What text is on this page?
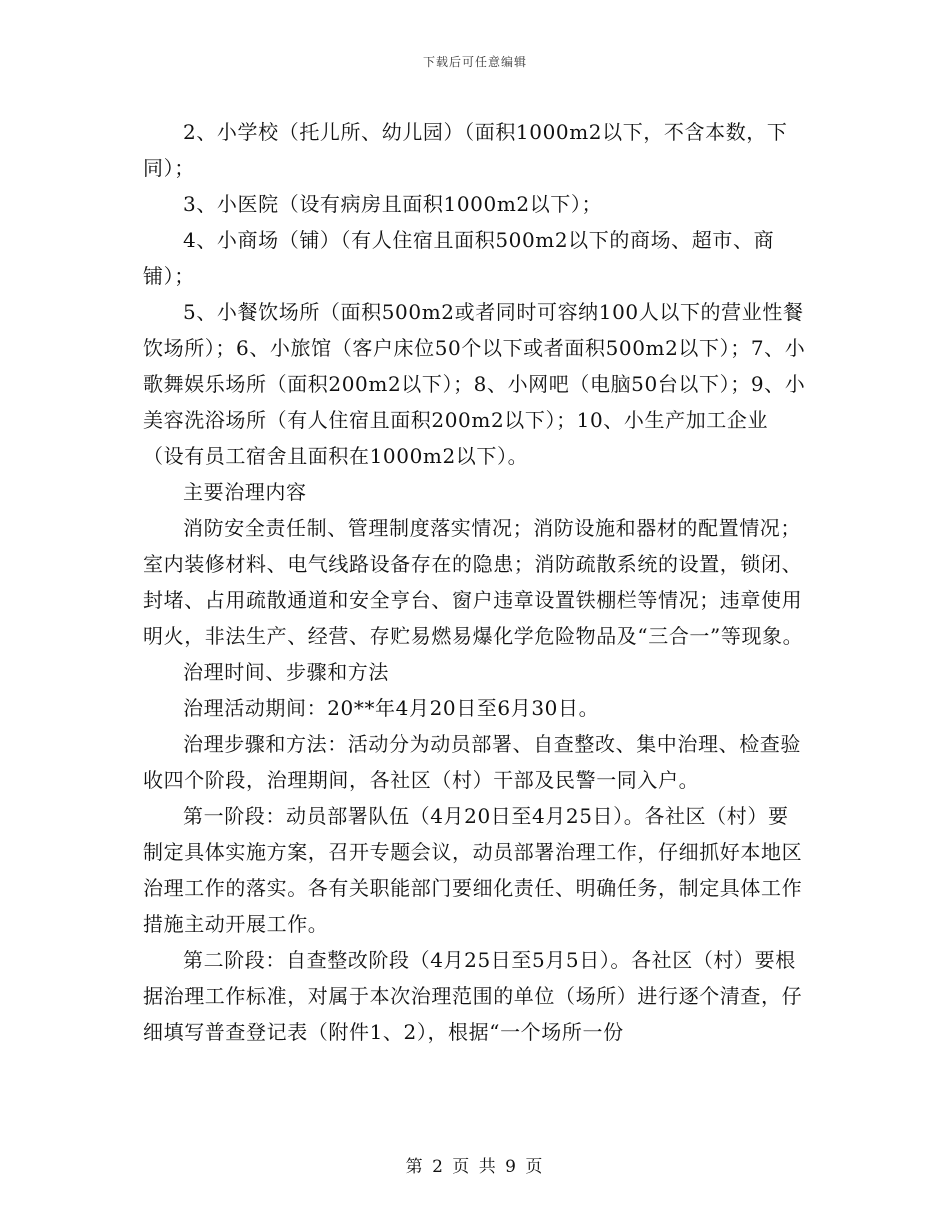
下载后可任意编辑

2、小学校（托儿所、幼儿园）（面积1000m2以下，不含本数，下同）；

3、小医院（设有病房且面积1000m2以下）；

4、小商场（铺）（有人住宿且面积500m2以下的商场、超市、商铺）；

5、小餐饮场所（面积500m2或者同时可容纳100人以下的营业性餐饮场所）；6、小旅馆（客户床位50个以下或者面积500m2以下）；7、小歌舞娱乐场所（面积200m2以下）；8、小网吧（电脑50台以下）；9、小美容洗浴场所（有人住宿且面积200m2以下）；10、小生产加工企业（设有员工宿舍且面积在1000m2以下）。

主要治理内容

消防安全责任制、管理制度落实情况；消防设施和器材的配置情况；室内装修材料、电气线路设备存在的隐患；消防疏散系统的设置，锁闭、封堵、占用疏散通道和安全亨台、窗户违章设置铁棚栏等情况；违章使用明火，非法生产、经营、存贮易燃易爆化学危险物品及“三合一”等现象。

治理时间、步骤和方法

治理活动期间：20**年4月20日至6月30日。

治理步骤和方法：活动分为动员部署、自查整改、集中治理、检查验收四个阶段，治理期间，各社区（村）干部及民警一同入户。

第一阶段：动员部署队伍（4月20日至4月25日）。各社区（村）要制定具体实施方案，召开专题会议，动员部署治理工作，仔细抓好本地区治理工作的落实。各有关职能部门要细化责任、明确任务，制定具体工作措施主动开展工作。

第二阶段：自查整改阶段（4月25日至5月5日）。各社区（村）要根据治理工作标准，对属于本次治理范围的单位（场所）进行逐个清查，仔细填写普查登记表（附件1、2），根据“一个场所一份

第 2 页 共 9 页
